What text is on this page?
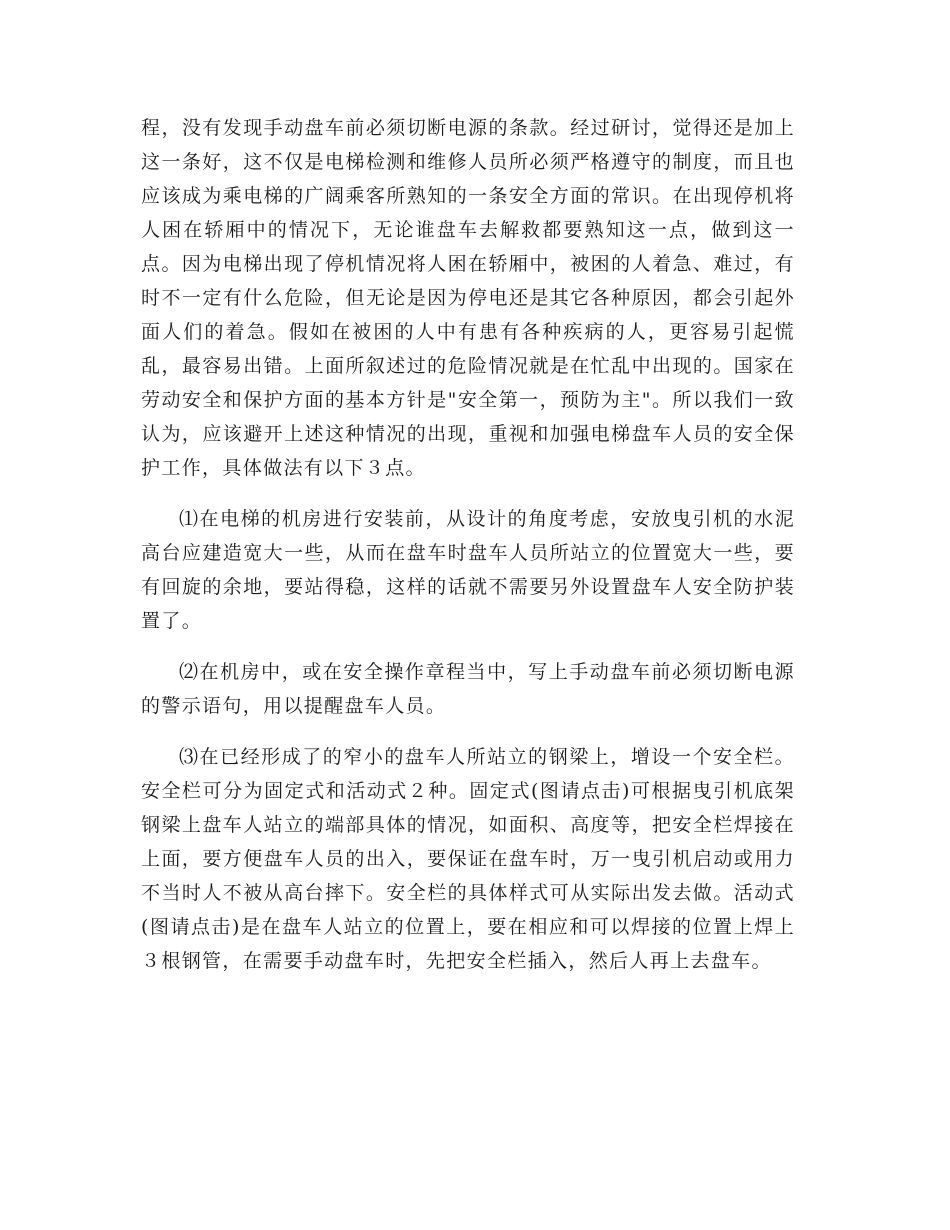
程，没有发现手动盘车前必须切断电源的条款。经过研讨，觉得还是加上这一条好，这不仅是电梯检测和维修人员所必须严格遵守的制度，而且也应该成为乘电梯的广阔乘客所熟知的一条安全方面的常识。在出现停机将人困在轿厢中的情况下，无论谁盘车去解救都要熟知这一点，做到这一点。因为电梯出现了停机情况将人困在轿厢中，被困的人着急、难过，有时不一定有什么危险，但无论是因为停电还是其它各种原因，都会引起外面人们的着急。假如在被困的人中有患有各种疾病的人，更容易引起慌乱，最容易出错。上面所叙述过的危险情况就是在忙乱中出现的。国家在劳动安全和保护方面的基本方针是"安全第一，预防为主"。所以我们一致认为，应该避开上述这种情况的出现，重视和加强电梯盘车人员的安全保护工作，具体做法有以下３点。

⑴在电梯的机房进行安装前，从设计的角度考虑，安放曳引机的水泥高台应建造宽大一些，从而在盘车时盘车人员所站立的位置宽大一些，要有回旋的余地，要站得稳，这样的话就不需要另外设置盘车人安全防护装置了。

⑵在机房中，或在安全操作章程当中，写上手动盘车前必须切断电源的警示语句，用以提醒盘车人员。

⑶在已经形成了的窄小的盘车人所站立的钢梁上，增设一个安全栏。安全栏可分为固定式和活动式２种。固定式(图请点击)可根据曳引机底架钢梁上盘车人站立的端部具体的情况，如面积、高度等，把安全栏焊接在上面，要方便盘车人员的出入，要保证在盘车时，万一曳引机启动或用力不当时人不被从高台摔下。安全栏的具体样式可从实际出发去做。活动式(图请点击)是在盘车人站立的位置上，要在相应和可以焊接的位置上焊上３根钢管，在需要手动盘车时，先把安全栏插入，然后人再上去盘车。
